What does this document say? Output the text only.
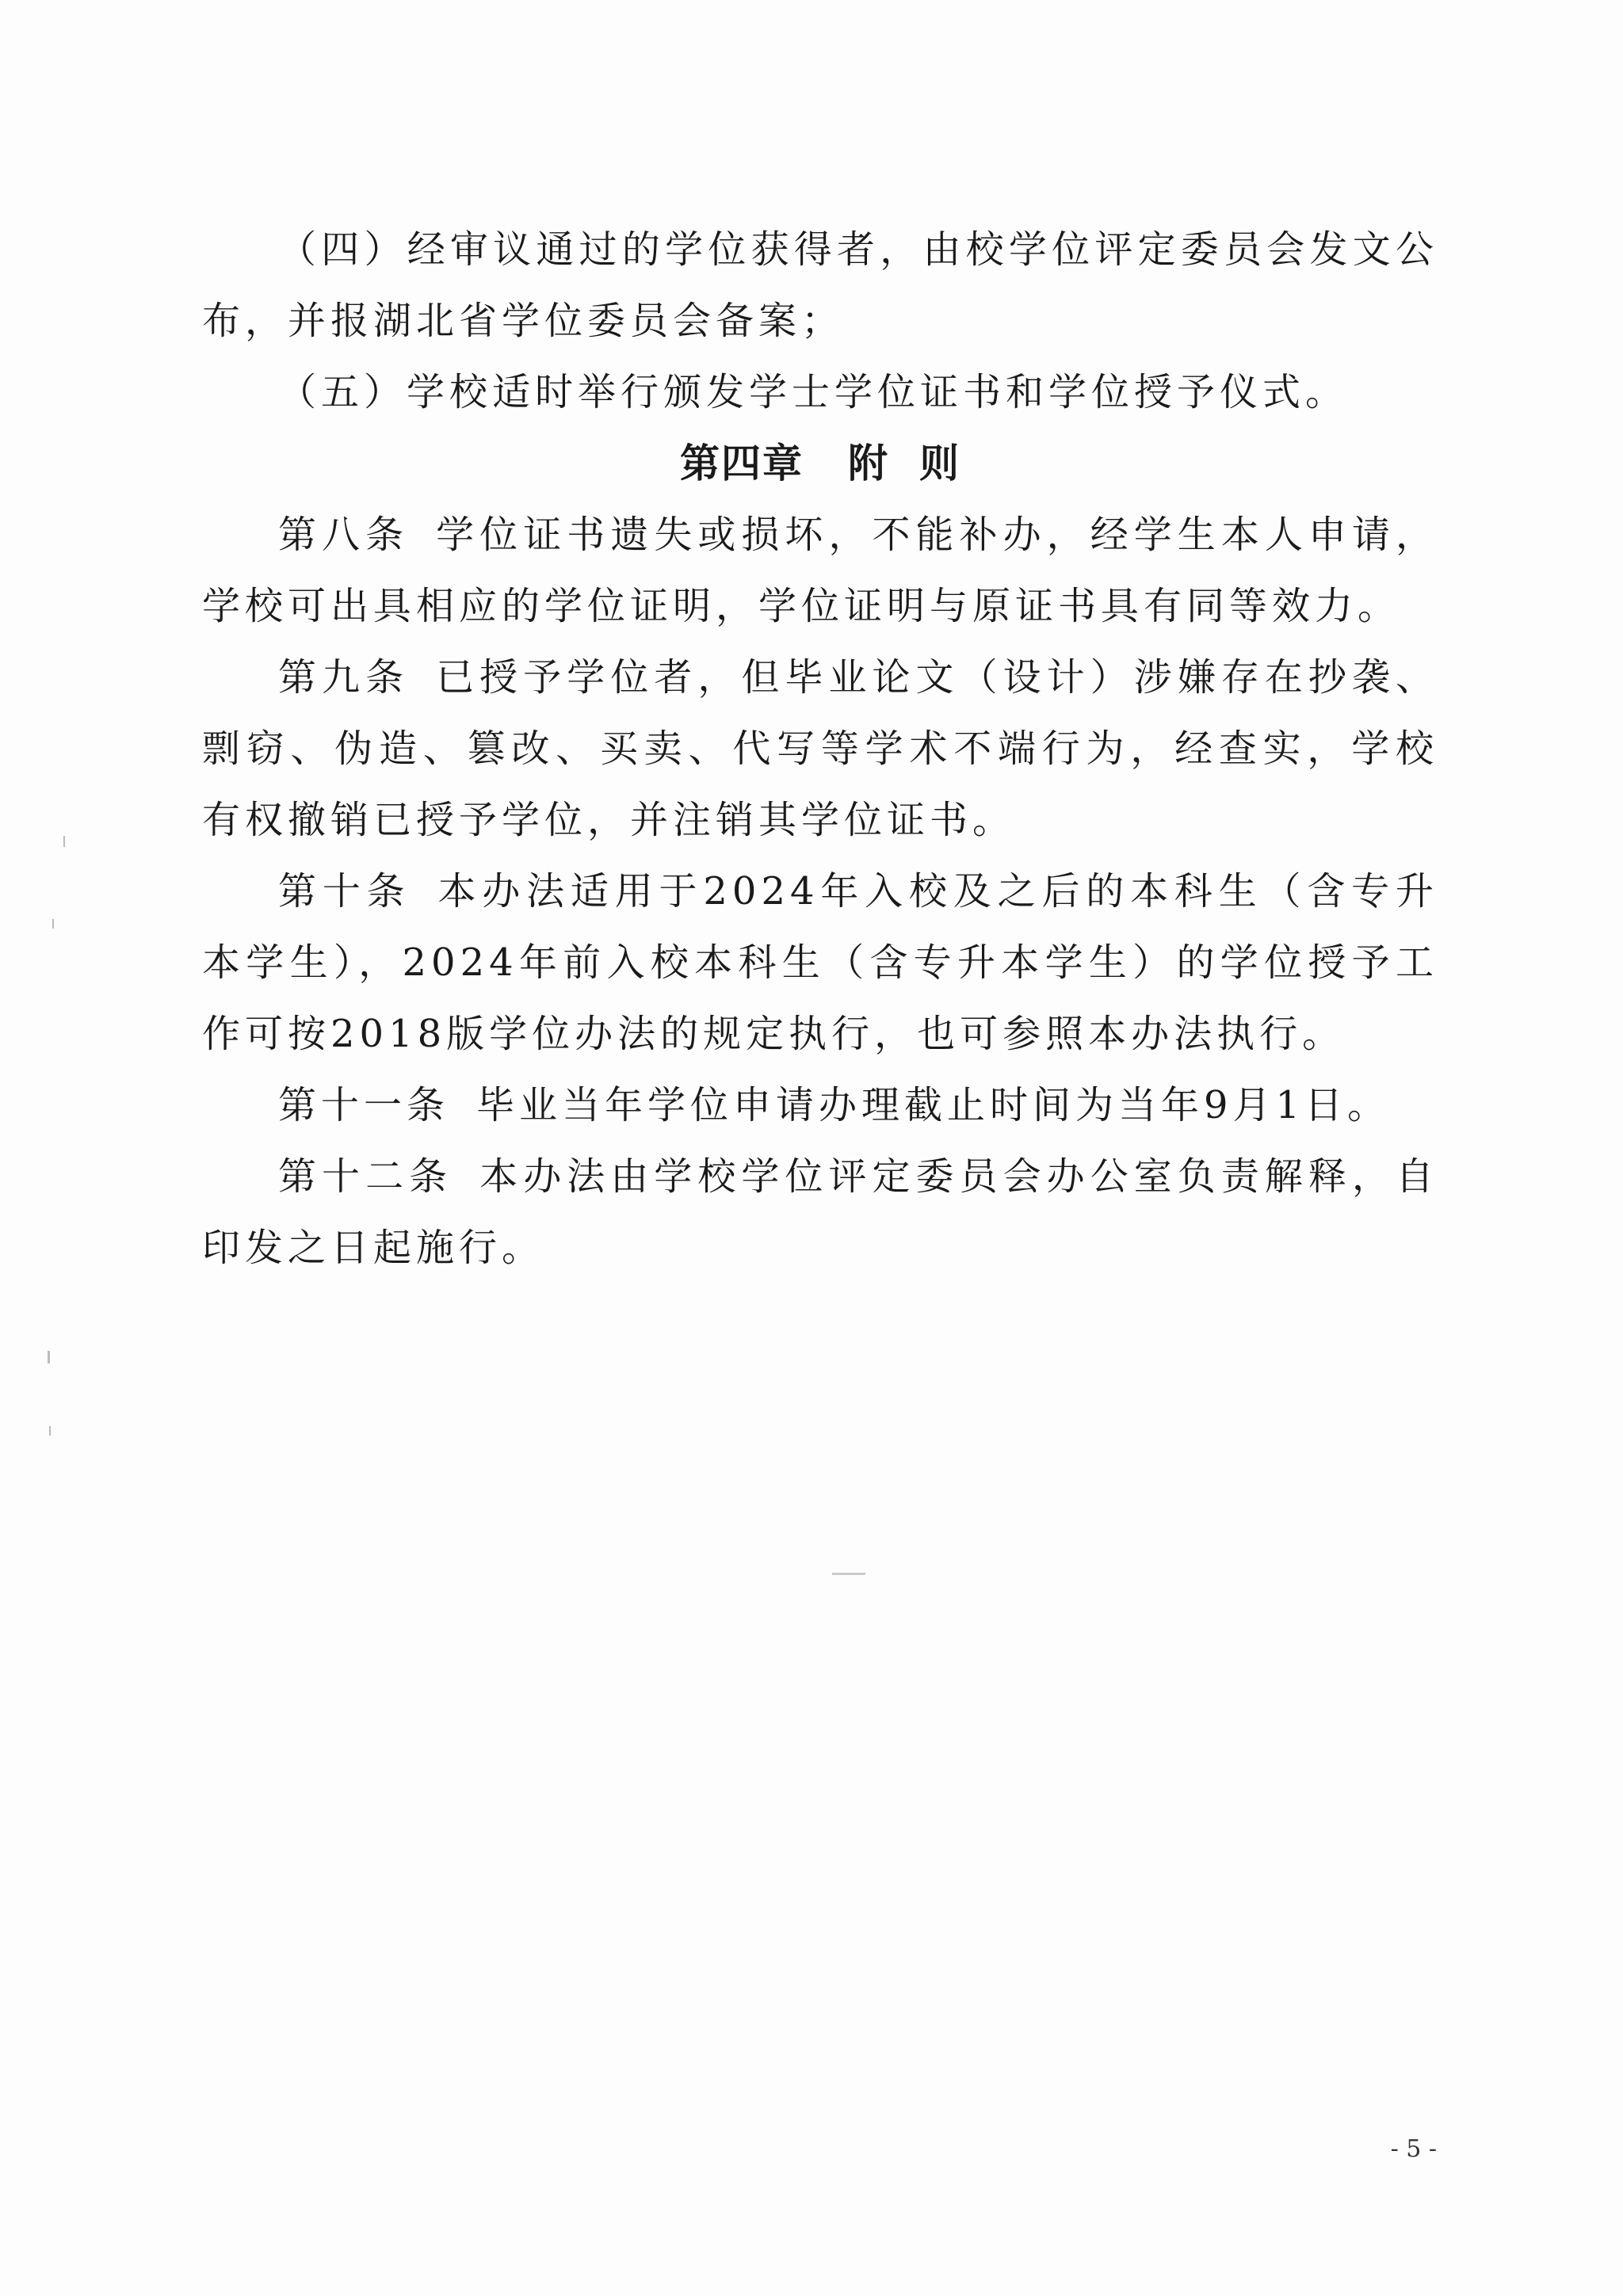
（四）经审议通过的学位获得者，由校学位评定委员会发文公布，并报湖北省学位委员会备案；

（五）学校适时举行颁发学士学位证书和学位授予仪式。

第四章 附 则

第八条 学位证书遗失或损坏，不能补办，经学生本人申请，学校可出具相应的学位证明，学位证明与原证书具有同等效力。

第九条 已授予学位者，但毕业论文（设计）涉嫌存在抄袭、剽窃、伪造、篡改、买卖、代写等学术不端行为，经查实，学校有权撤销已授予学位，并注销其学位证书。

第十条 本办法适用于2024年入校及之后的本科生（含专升本学生），2024年前入校本科生（含专升本学生）的学位授予工作可按2018版学位办法的规定执行，也可参照本办法执行。

第十一条 毕业当年学位申请办理截止时间为当年9月1日。

第十二条 本办法由学校学位评定委员会办公室负责解释，自印发之日起施行。

- 5 -
